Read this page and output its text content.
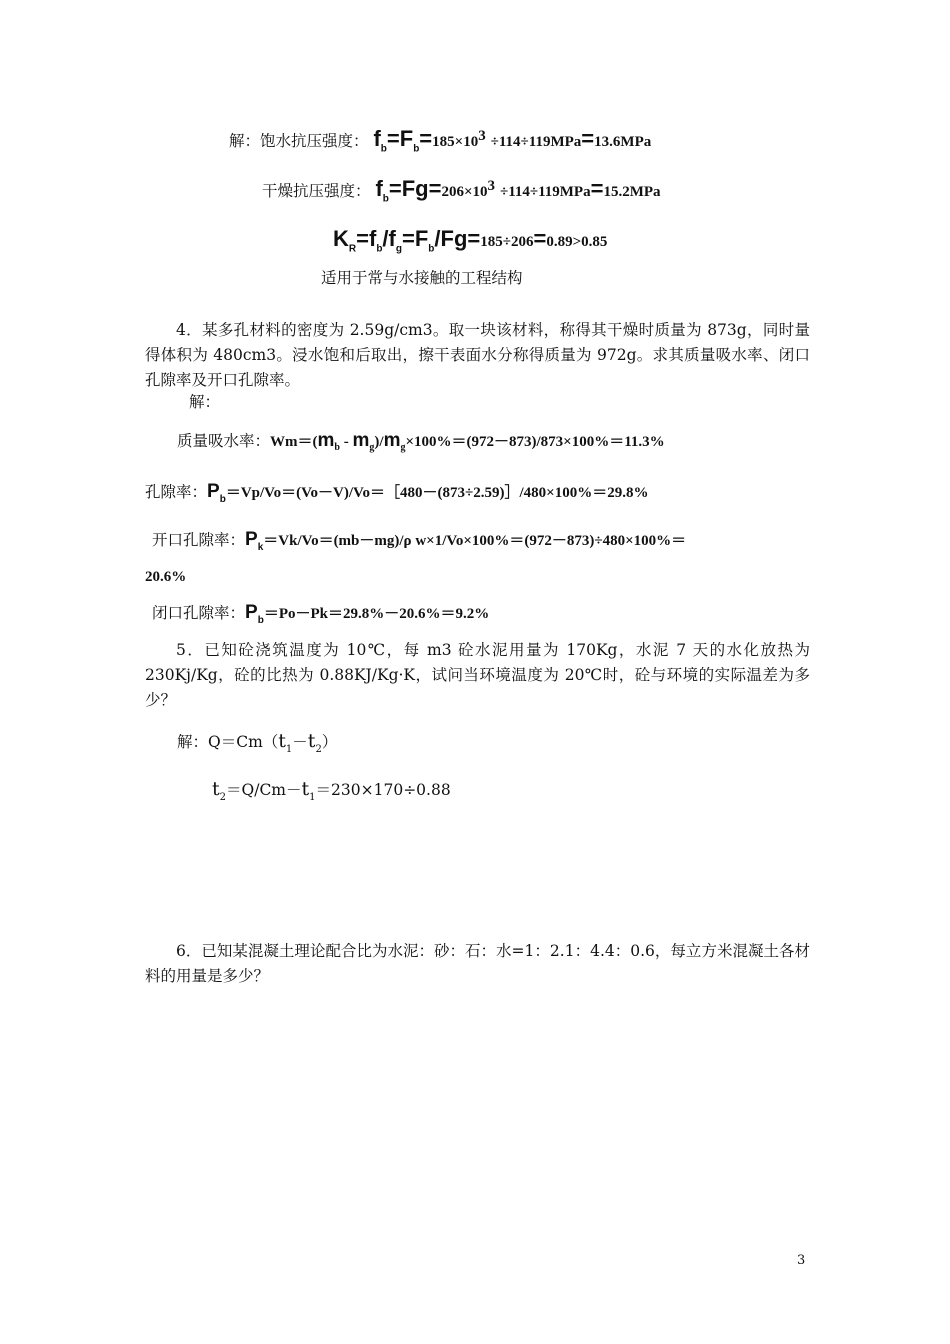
解：饱水抗压强度： $f_b=F_b=185\times 10^3 \div 114\div 119MPa=13.6MPa$
干燥抗压强度： $f_b=Fg=206\times 10^3 \div 114\div 119MPa=15.2MPa$
$K_R=f_b/f_g=F_b/Fg=185\div 206=0.89>0.85$
适用于常与水接触的工程结构
4．某多孔材料的密度为 2.59g/cm3。取一块该材料，称得其干燥时质量为 873g，同时量得体积为 480cm3。浸水饱和后取出，擦干表面水分称得质量为 972g。求其质量吸水率、闭口孔隙率及开口孔隙率。
解：
质量吸水率：$Wm=(m_b - m_g)/m_g\times 100\%=(972-873)/873\times 100\%=11.3\%$
孔隙率：$P_b=Vp/Vo=(Vo-V)/Vo=[480-(873\div 2.59)]/480\times 100\%=29.8\%$
开口孔隙率：$P_k=Vk/Vo=(mb-mg)/\rho$ w×1/Vo×100%＝(972－873)÷480×100%＝
20.6%
闭口孔隙率：$P_b=Po-Pk=29.8\%-20.6\%=9.2\%$
5．已知砼浇筑温度为 10℃，每 m3 砼水泥用量为 170Kg，水泥 7 天的水化放热为 230Kj/Kg，砼的比热为 0.88KJ/Kg·K，试问当环境温度为 20℃时，砼与环境的实际温差为多少？
解：$Q=Cm(t_1-t_2)$
$t_2=Q/Cm-t_1=230\times 170\div 0.88$
6．已知某混凝土理论配合比为水泥：砂：石：水=1：2.1：4.4：0.6，每立方米混凝土各材料的用量是多少？
3
